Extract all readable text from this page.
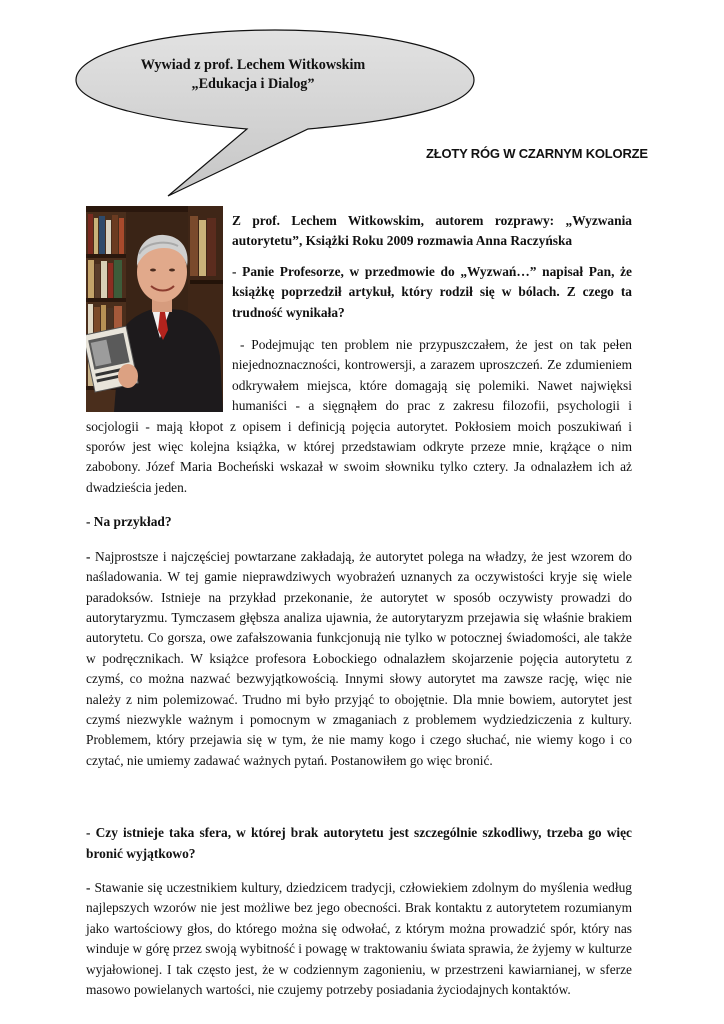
Wywiad z prof. Lechem Witkowskim
„Edukacja i Dialog”
ZŁOTY RÓG W CZARNYM KOLORZE

Z prof. Lechem Witkowskim, autorem rozprawy: „Wyzwania autorytetu”, Książki Roku 2009 rozmawia Anna Raczyńska

- Panie Profesorze, w przedmowie do „Wyzwań…” napisał Pan, że książkę poprzedził artykuł, który rodził się w bólach. Z czego ta trudność wynikała?

- Podejmując ten problem nie przypuszczałem, że jest on tak pełen niejednoznaczności, kontrowersji, a zarazem uproszczeń. Ze zdumieniem odkrywałem miejsca, które domagają się polemiki. Nawet najwięksi humaniści - a sięgnąłem do prac z zakresu filozofii, psychologii i socjologii - mają kłopot z opisem i definicją pojęcia autorytet. Pokłosiem moich poszukiwań i sporów jest więc kolejna książka, w której przedstawiam odkryte przeze mnie, krążące o nim zabobony. Józef Maria Bocheński wskazał w swoim słowniku tylko cztery. Ja odnalazłem ich aż dwadzieścia jeden.

- Na przykład?

- Najprostsze i najczęściej powtarzane zakładają, że autorytet polega na władzy, że jest wzorem do naśladowania. W tej gamie nieprawdziwych wyobrażeń uznanych za oczywistości kryje się wiele paradoksów. Istnieje na przykład przekonanie, że autorytet w sposób oczywisty prowadzi do autorytaryzmu. Tymczasem głębsza analiza ujawnia, że autorytaryzm przejawia się właśnie brakiem autorytetu. Co gorsza, owe zafałszowania funkcjonują nie tylko w potocznej świadomości, ale także w podręcznikach. W książce profesora Łobockiego odnalazłem skojarzenie pojęcia autorytetu z czymś, co można nazwać bezwyjątkowością. Innymi słowy autorytet ma zawsze rację, więc nie należy z nim polemizować. Trudno mi było przyjąć to obojętnie. Dla mnie bowiem, autorytet jest czymś niezwykle ważnym i pomocnym w zmaganiach z problemem wydziedziczenia z kultury. Problemem, który przejawia się w tym, że nie mamy kogo i czego słuchać, nie wiemy kogo i co czytać, nie umiemy zadawać ważnych pytań. Postanowiłem go więc bronić.

- Czy istnieje taka sfera, w której brak autorytetu jest szczególnie szkodliwy, trzeba go więc bronić wyjątkowo?

- Stawanie się uczestnikiem kultury, dziedzicem tradycji, człowiekiem zdolnym do myślenia według najlepszych wzorów nie jest możliwe bez jego obecności. Brak kontaktu z autorytetem rozumianym jako wartościowy głos, do którego można się odwołać, z którym można prowadzić spór, który nas winduje w górę przez swoją wybitność i powagę w traktowaniu świata sprawia, że żyjemy w kulturze wyjałowionej. I tak często jest, że w codziennym zagonieniu, w przestrzeni kawiarnianej, w sferze masowo powielanych wartości, nie czujemy potrzeby posiadania życiodajnych kontaktów.
